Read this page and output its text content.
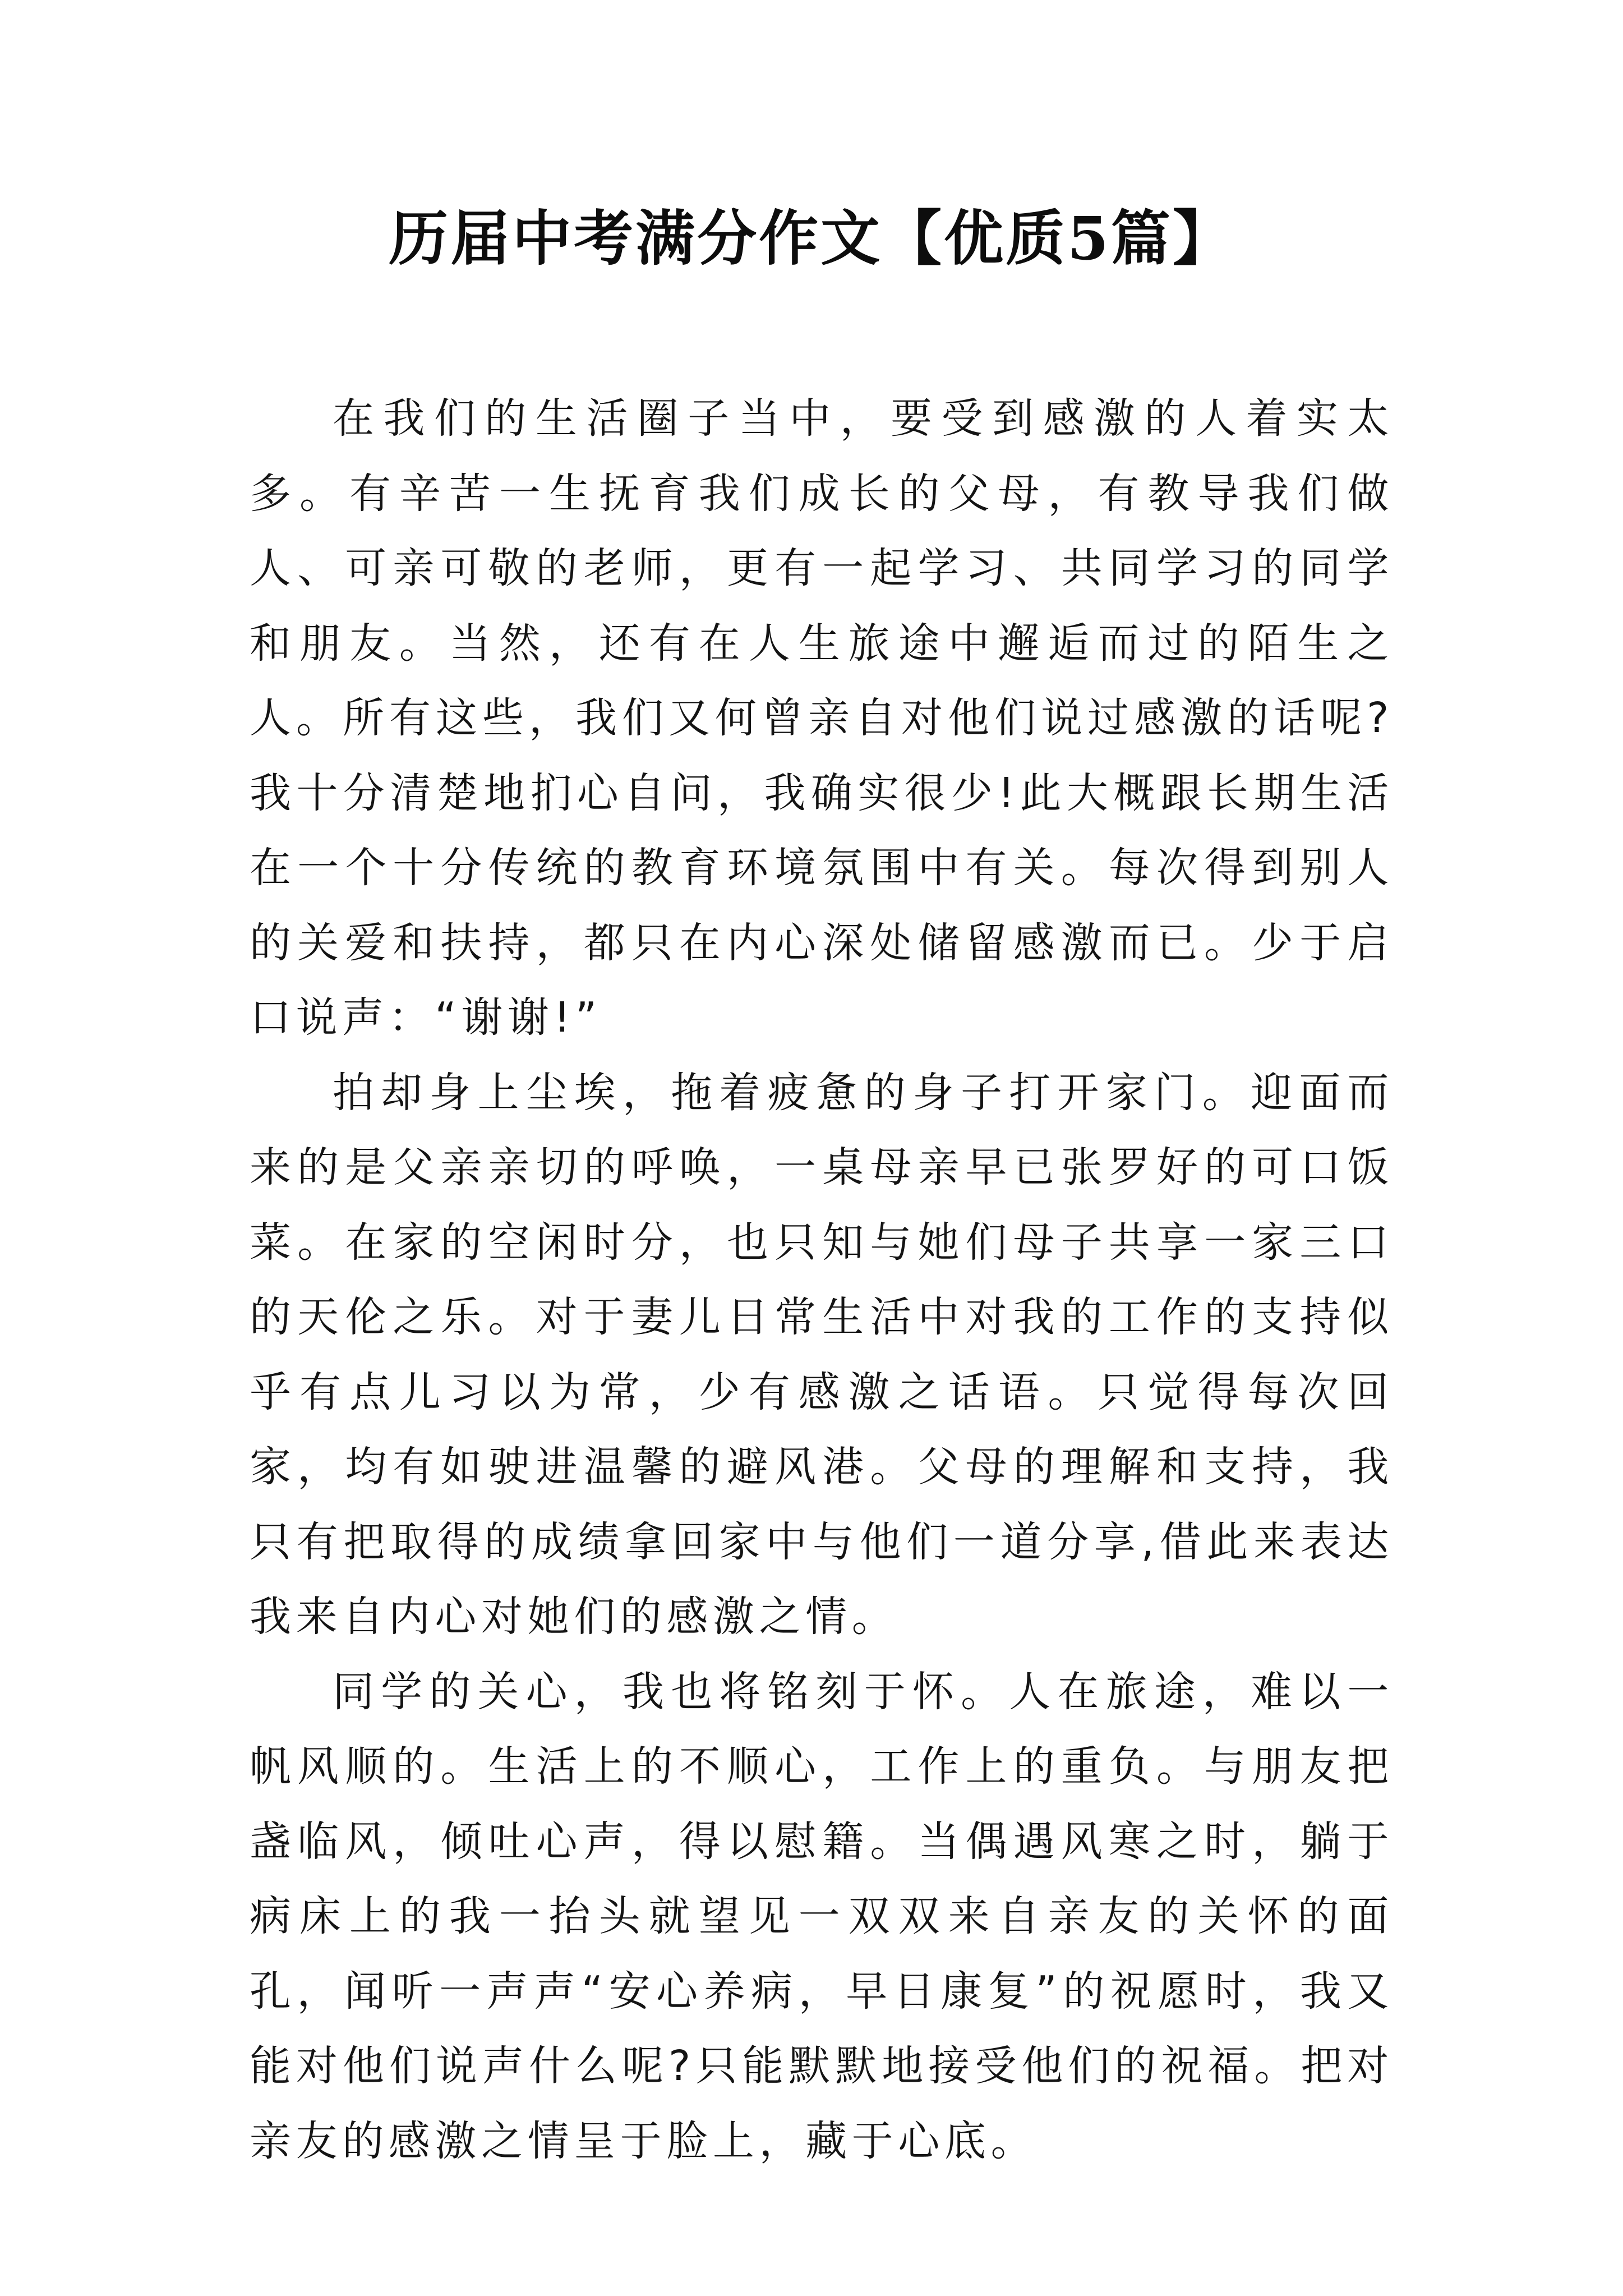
历届中考满分作文【优质5篇】

在我们的生活圈子当中，要受到感激的人着实太多。有辛苦一生抚育我们成长的父母，有教导我们做人、可亲可敬的老师，更有一起学习、共同学习的同学和朋友。当然，还有在人生旅途中邂逅而过的陌生之人。所有这些，我们又何曾亲自对他们说过感激的话呢?我十分清楚地扪心自问，我确实很少!此大概跟长期生活在一个十分传统的教育环境氛围中有关。每次得到别人的关爱和扶持，都只在内心深处储留感激而已。少于启口说声：“谢谢!”

拍却身上尘埃，拖着疲惫的身子打开家门。迎面而来的是父亲亲切的呼唤，一桌母亲早已张罗好的可口饭菜。在家的空闲时分，也只知与她们母子共享一家三口的天伦之乐。对于妻儿日常生活中对我的工作的支持似乎有点儿习以为常，少有感激之话语。只觉得每次回家，均有如驶进温馨的避风港。父母的理解和支持，我只有把取得的成绩拿回家中与他们一道分享,借此来表达我来自内心对她们的感激之情。

同学的关心，我也将铭刻于怀。人在旅途，难以一帆风顺的。生活上的不顺心，工作上的重负。与朋友把盏临风，倾吐心声，得以慰籍。当偶遇风寒之时，躺于病床上的我一抬头就望见一双双来自亲友的关怀的面孔，闻听一声声“安心养病，早日康复”的祝愿时，我又能对他们说声什么呢?只能默默地接受他们的祝福。把对亲友的感激之情呈于脸上，藏于心底。
